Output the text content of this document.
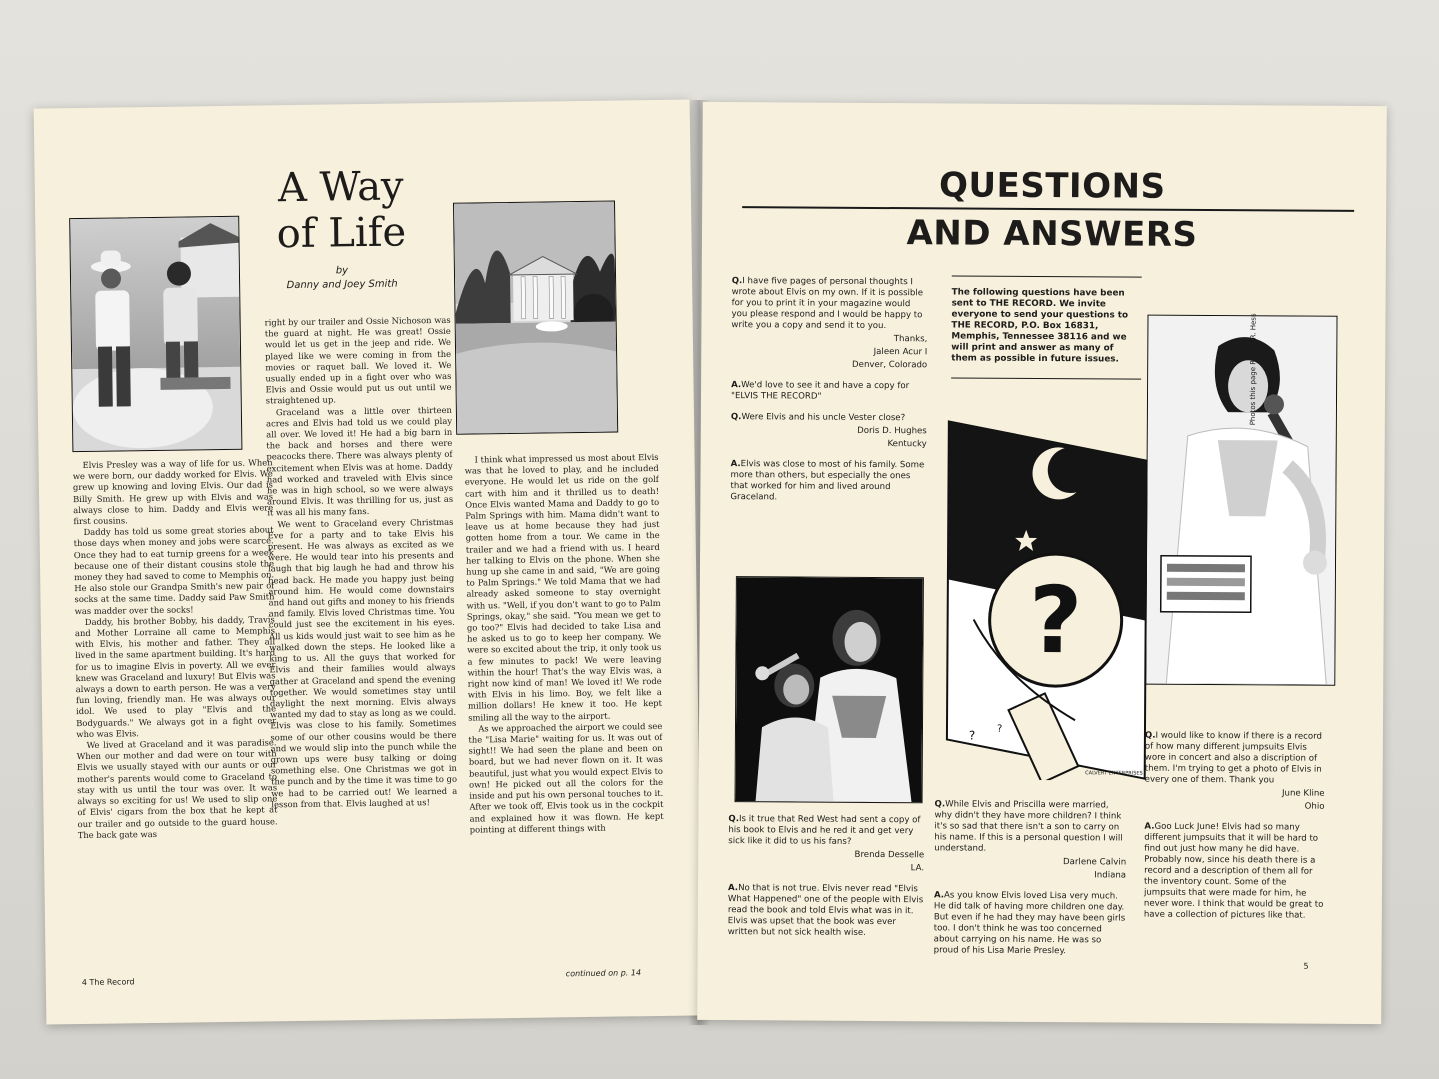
A Way
of Life
by
Danny and Joey Smith

Elvis Presley was a way of life for us. When we were born, our daddy worked for Elvis. We grew up knowing and loving Elvis. Our dad is Billy Smith. He grew up with Elvis and was always close to him. Daddy and Elvis were first cousins.

Daddy has told us some great stories about those days when money and jobs were scarce. Once they had to eat turnip greens for a week because one of their distant cousins stole the money they had saved to come to Memphis on. He also stole our Grandpa Smith's new pair of socks at the same time. Daddy said Paw Smith was madder over the socks!

Daddy, his brother Bobby, his daddy, Travis and Mother Lorraine all came to Memphis with Elvis, his mother and father. They all lived in the same apartment building. It's hard for us to imagine Elvis in poverty. All we ever knew was Graceland and luxury! But Elvis was always a down to earth person. He was a very fun loving, friendly man. He was always our idol. We used to play "Elvis and the Bodyguards." We always got in a fight over who was Elvis.

We lived at Graceland and it was paradise. When our mother and dad were on tour with Elvis we usually stayed with our aunts or our mother's parents would come to Graceland to stay with us until the tour was over. It was always so exciting for us! We used to slip one of Elvis' cigars from the box that he kept at our trailer and go outside to the guard house. The back gate was

right by our trailer and Ossie Nichoson was the guard at night. He was great! Ossie would let us get in the jeep and ride. We played like we were coming in from the movies or raquet ball. We loved it. We usually ended up in a fight over who was Elvis and Ossie would put us out until we straightened up.

Graceland was a little over thirteen acres and Elvis had told us we could play all over. We loved it! He had a big barn in the back and horses and there were peacocks there. There was always plenty of excitement when Elvis was at home. Daddy had worked and traveled with Elvis since he was in high school, so we were always around Elvis. It was thrilling for us, just as it was all his many fans.

We went to Graceland every Christmas Eve for a party and to take Elvis his present. He was always as excited as we were. He would tear into his presents and laugh that big laugh he had and throw his head back. He made you happy just being around him. He would come downstairs and hand out gifts and money to his friends and family. Elvis loved Christmas time. You could just see the excitement in his eyes. All us kids would just wait to see him as he walked down the steps. He looked like a king to us. All the guys that worked for Elvis and their families would always gather at Graceland and spend the evening together. We would sometimes stay until daylight the next morning. Elvis always wanted my dad to stay as long as we could. Elvis was close to his family. Sometimes some of our other cousins would be there and we would slip into the punch while the grown ups were busy talking or doing something else. One Christmas we got in the punch and by the time it was time to go we had to be carried out! We learned a lesson from that. Elvis laughed at us!

I think what impressed us most about Elvis was that he loved to play, and he included everyone. He would let us ride on the golf cart with him and it thrilled us to death! Once Elvis wanted Mama and Daddy to go to Palm Springs with him. Mama didn't want to leave us at home because they had just gotten home from a tour. We came in the trailer and we had a friend with us. I heard her talking to Elvis on the phone. When she hung up she came in and said, "We are going to Palm Springs." We told Mama that we had already asked someone to stay overnight with us. "Well, if you don't want to go to Palm Springs, okay," she said. "You mean we get to go too?" Elvis had decided to take Lisa and he asked us to go to keep her company. We were so excited about the trip, it only took us a few minutes to pack! We were leaving within the hour! That's the way Elvis was, a right now kind of man! We loved it! We rode with Elvis in his limo. Boy, we felt like a million dollars! He knew it too. He kept smiling all the way to the airport.

As we approached the airport we could see the "Lisa Marie" waiting for us. It was out of sight!! We had seen the plane and been on board, but we had never flown on it. It was beautiful, just what you would expect Elvis to own! He picked out all the colors for the inside and put his own personal touches to it. After we took off, Elvis took us in the cockpit and explained how it was flown. He kept pointing at different things with

continued on p. 14
4 The Record
QUESTIONS
AND ANSWERS
Q.I have five pages of personal thoughts I wrote about Elvis on my own. If it is possible for you to print it in your magazine would you please respond and I would be happy to write you a copy and send it to you.
Thanks,
Jaleen Acur I
Denver, Colorado
A.We'd love to see it and have a copy for "ELVIS THE RECORD"
Q.Were Elvis and his uncle Vester close?
Doris D. Hughes
Kentucky
A.Elvis was close to most of his family. Some more than others, but especially the ones that worked for him and lived around Graceland.
Q.Is it true that Red West had sent a copy of his book to Elvis and he red it and get very sick like it did to us his fans?
Brenda Desselle
LA.
A.No that is not true. Elvis never read "Elvis What Happened" one of the people with Elvis read the book and told Elvis what was in it. Elvis was upset that the book was ever written but not sick health wise.
The following questions have been sent to THE RECORD. We invite everyone to send your questions to THE RECORD, P.O. Box 16831, Memphis, Tennessee 38116 and we will print and answer as many of them as possible in future issues.
?
? ?
CALVERT ENTERPRISES
Q.While Elvis and Priscilla were married, why didn't they have more children? I think it's so sad that there isn't a son to carry on his name. If this is a personal question I will understand.
Darlene Calvin
Indiana
A.As you know Elvis loved Lisa very much. He did talk of having more children one day. But even if he had they may have been girls too. I don't think he was too concerned about carrying on his name. He was so proud of his Lisa Marie Presley.
Photos this page Robert R. Hess
Q.I would like to know if there is a record of how many different jumpsuits Elvis wore in concert and also a discription of them. I'm trying to get a photo of Elvis in every one of them. Thank you
June Kline
Ohio
A.Goo Luck June! Elvis had so many different jumpsuits that it will be hard to find out just how many he did have. Probably now, since his death there is a record and a description of them all for the inventory count. Some of the jumpsuits that were made for him, he never wore. I think that would be great to have a collection of pictures like that.
5
